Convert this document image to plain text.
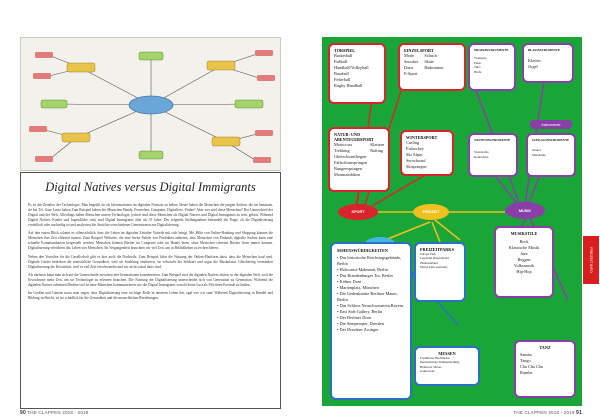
Digital Natives versus Digital Immigrants

Es ist das Zeitalter der Technologie. Man begrüßt sie als Informationen im digitalen Formate zu haben. Heute haben die Menschen die jungen Sachen, die sie benutzen, sie bei Tel. Gute Leute haben Zum Beispiel haben der Menschen Handy, Fernsehen, Computer, Digitalfoto. Früher! Aber wer sind diese Menschen? Der Unterschied der Digital und der Welt. Allerdings haben Menschen unsere Technologie, jedoch sind diese Menschen als Digital Natives und Digital Immigrants zu sein, gehört. Während Digital Natives Kinder und Jugendliche sind, sind Digital Immigrants älter als 35 Jahre. Der folgende Stellungnahme behandelt die Frage, ob die Digitalisierung vorteilhaft oder nachteilig ist und analysiert die Ansichte verschiedener Generationen zur Digitalisierung.

Auf den ersten Blick scheint es offensichtlich, dass die Leben im digitalen Zeitalter Vorteile mit sich bringt. Mit Hilfe von Online-Banking und Shopping können die Menschen ihre Zeit effizient nutzen. Zum Beispiel Websites, die eine breite Palette von Produkten anbieten, dass Menschen von Einkaufs digitaler Sachen kann eine schnelle Kommunikation hergestellt werden. Menschen können Bücher im Computer oder im Handy lesen, ohne Menschen schreien Bücher lesen immer können. Digitalisierung erleichtert das Leben von Menschen. Im Vergangenheit brauchten wir viel Zeit, um in Bibliotheken zu recherchieren.

Neben den Vorteilen für die Gesellschaft gibt es hier auch die Nachteile. Zum Beispiel führt die Nutzung der Online-Plattform dazu, dass die Menschen hauf sind. Digitale Geräte bedrohen die menschliche Gesundheit, weil sie Strahlung emittieren, sie schwächt die Sehkraft und sogar die Muskulatur. Gleichzeitig vermindert Digitalisierung die Kreativität, weil es viel Zeit verschwendet und wir nicht sozial aktiv sind.

Als nächstes kann man sich auf die Unterschiede zwischen den Generationen konzentrieren. Zum Beispiel sind die digitalen Natives aktiver in der digitalen Welt, weil die Erwachsene mehr Zeit, um sie Technologie zu erlernen brauchen. Die Nutzung der Digitalisierung unterscheidet sich von Generation zu Generation. Während die digitalen Natives erkennen Medien viel zu neue Menschen kommunizieren wie die Digital Immigrants sowohl keine Lust als Mit einen Freunde zu finden.

Im Großen und Ganzen muss man sagen, dass Digitalisierung eine wichtige Rolle in unserem Leben hat, egal wer wir sind. Während Digitalisierung in Handel und Bildung vielleicht, ist sie schädlich für die Gesundheit und die menschlichen Beziehungen.

90 THE CLAPPEN 2018 - 2019
FREIZEIT INFO
TORSPIEL
Basketball
Fußball
Handball/Volleyball
Baseball
Federball
Rugby Handball
EINZELSPORT
Mode
Snooker
Darts
E-Sport
Schach
Skate
Badminton
NATUR- UND ABENTEUERSPORT
Motocross
Trekking
Gleitschirmfliegen
Fallschirmspringen
Bungeespringen
Mountainbiken
Klettern
Rafting
WINTERSPORT
Curling
Eishockey
Ski Alpin
Snowboard
Skispringen
MUSIKINSTRUMENTE
Trompete
Piano
Tuba
Harfe
BLASINSTRUMENTE
Klavier
Orgel
Instrumente
TASTENINSTRUMENTE
Violoncello
Kontrabass
SCHLAGINSTRUMENTE
Gitarre
Mandoline
SPORT	FREIZEIT	MUSIK
SEHENSWÜRDIGKEITEN
• Das historische Reichstagsgebäude, Berlin
• Holocaust-Mahnmal, Berlin
• Das Brandenburger Tor, Berlin
• Kölner Dom
• Marienplatz, München
• Die Gedenkstätte Berliner Mauer, Berlin
• Das Schloss Neuschwanstein,Bayern
• East Side Gallery, Berlin
• Der Berliner Dom
• Die Semperoper, Dresden
• Der Dresdner Zwinger
FREIZEITPARKS
Europa Park
Legoland Deutschland
Phantasialand
Movie Park Germany
MESSEN
Frankfurter Buchmesse
Internationale Funkausstellung
Hannover Messe
Gamescom
MUSIKSTILE
Rock
Klassische Musik
Jazz
Reggae
Volksmusik
Hip-Hop
TANZ
Samba
Tango
Cha Cha Cha
Rumba
THE CLAPPEN 2018 - 2019 91
